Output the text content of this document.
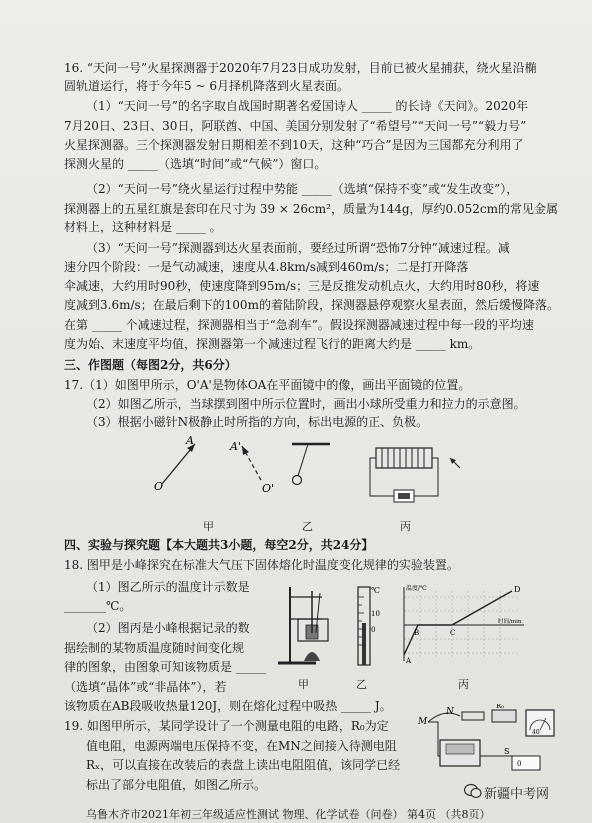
16. “天问一号”火星探测器于2020年7月23日成功发射，目前已被火星捕获，绕火星沿椭
圆轨道运行，将于今年5 ~ 6月择机降落到火星表面。
（1）“天问一号”的名字取自战国时期著名爱国诗人 _____ 的长诗《天问》。2020年
7月20日、23日、30日，阿联酋、中国、美国分别发射了“希望号”“天问一号”“毅力号”
火星探测器。三个探测器发射日期相差不到10天，这种“巧合”是因为三国都充分利用了
探测火星的 _____（选填“时间”或“气候”）窗口。
（2）“天问一号”绕火星运行过程中势能 _____（选填“保持不变”或“发生改变”），
探测器上的五星红旗是套印在尺寸为 39 × 26cm²，质量为144g，厚约0.052cm的常见金属
材料上，这种材料是 _____ 。
（3）“天问一号”探测器到达火星表面前，要经过所谓“恐怖7分钟”减速过程。减
速分四个阶段：一是气动减速，速度从4.8km/s减到460m/s；二是打开降落
伞减速，大约用时90秒，使速度降到95m/s；三是反推发动机点火，大约用时80秒，将速
度减到3.6m/s；在最后剩下的100m的着陆阶段，探测器悬停观察火星表面，然后缓慢降落。
在第 _____ 个减速过程，探测器相当于“急刹车”。假设探测器减速过程中每一段的平均速
度为始、末速度平均值，探测器第一个减速过程飞行的距离大约是 _____ km。
三、作图题（每图2分，共6分）
17.（1）如图甲所示，O'A'是物体OA在平面镜中的像，画出平面镜的位置。
（2）如图乙所示，当球摆到图中所示位置时，画出小球所受重力和拉力的示意图。
（3）根据小磁针N极静止时所指的方向，标出电源的正、负极。
O
A	A'
O'
甲	乙	丙
四、实验与探究题【本大题共3小题，每空2分，共24分】
18. 图甲是小峰探究在标准大气压下固体熔化时温度变化规律的实验装置。
（1）图乙所示的温度计示数是
_______℃。
（2）图丙是小峰根据记录的数
据绘制的某物质温度随时间变化规
律的图象，由图象可知该物质是 _____
（选填“晶体”或“非晶体”），若
该物质在AB段吸收热量120J，则在熔化过程中吸热 _____ J。
℃
10
0
温度/℃
时间/min
D
B	C
A
甲	乙	丙
19. 如图甲所示，某同学设计了一个测量电阻的电路，R₀为定
值电阻，电源两端电压保持不变，在MN之间接入待测电阻
Rₓ，可以直接在改装后的表盘上读出电阻阻值，该同学已经
标出了部分电阻值，如图乙所示。
M
N
R₀
S
40
0
新疆中考网
乌鲁木齐市2021年初三年级适应性测试 物理、化学试卷（问卷） 第4页 （共8页）
